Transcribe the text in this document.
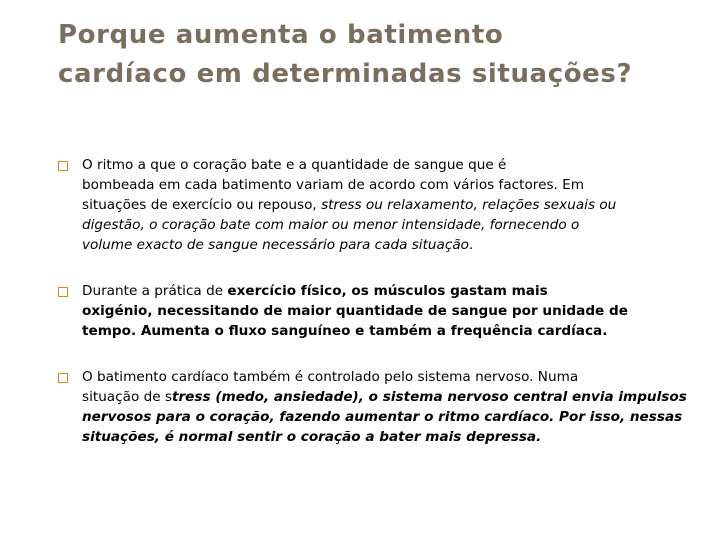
Porque aumenta o batimento
cardíaco em determinadas situações?
O ritmo a que o coração bate e a quantidade de sangue que é
bombeada em cada batimento variam de acordo com vários factores. Em
situações de exercício ou repouso, stress ou relaxamento, relações sexuais ou
digestão, o coração bate com maior ou menor intensidade, fornecendo o
volume exacto de sangue necessário para cada situação.
Durante a prática de exercício físico, os músculos gastam mais
oxigénio, necessitando de maior quantidade de sangue por unidade de
tempo. Aumenta o fluxo sanguíneo e também a frequência cardíaca.
O batimento cardíaco também é controlado pelo sistema nervoso. Numa
situação de stress (medo, ansiedade), o sistema nervoso central envia impulsos
nervosos para o coração, fazendo aumentar o ritmo cardíaco. Por isso, nessas
situações, é normal sentir o coração a bater mais depressa.
